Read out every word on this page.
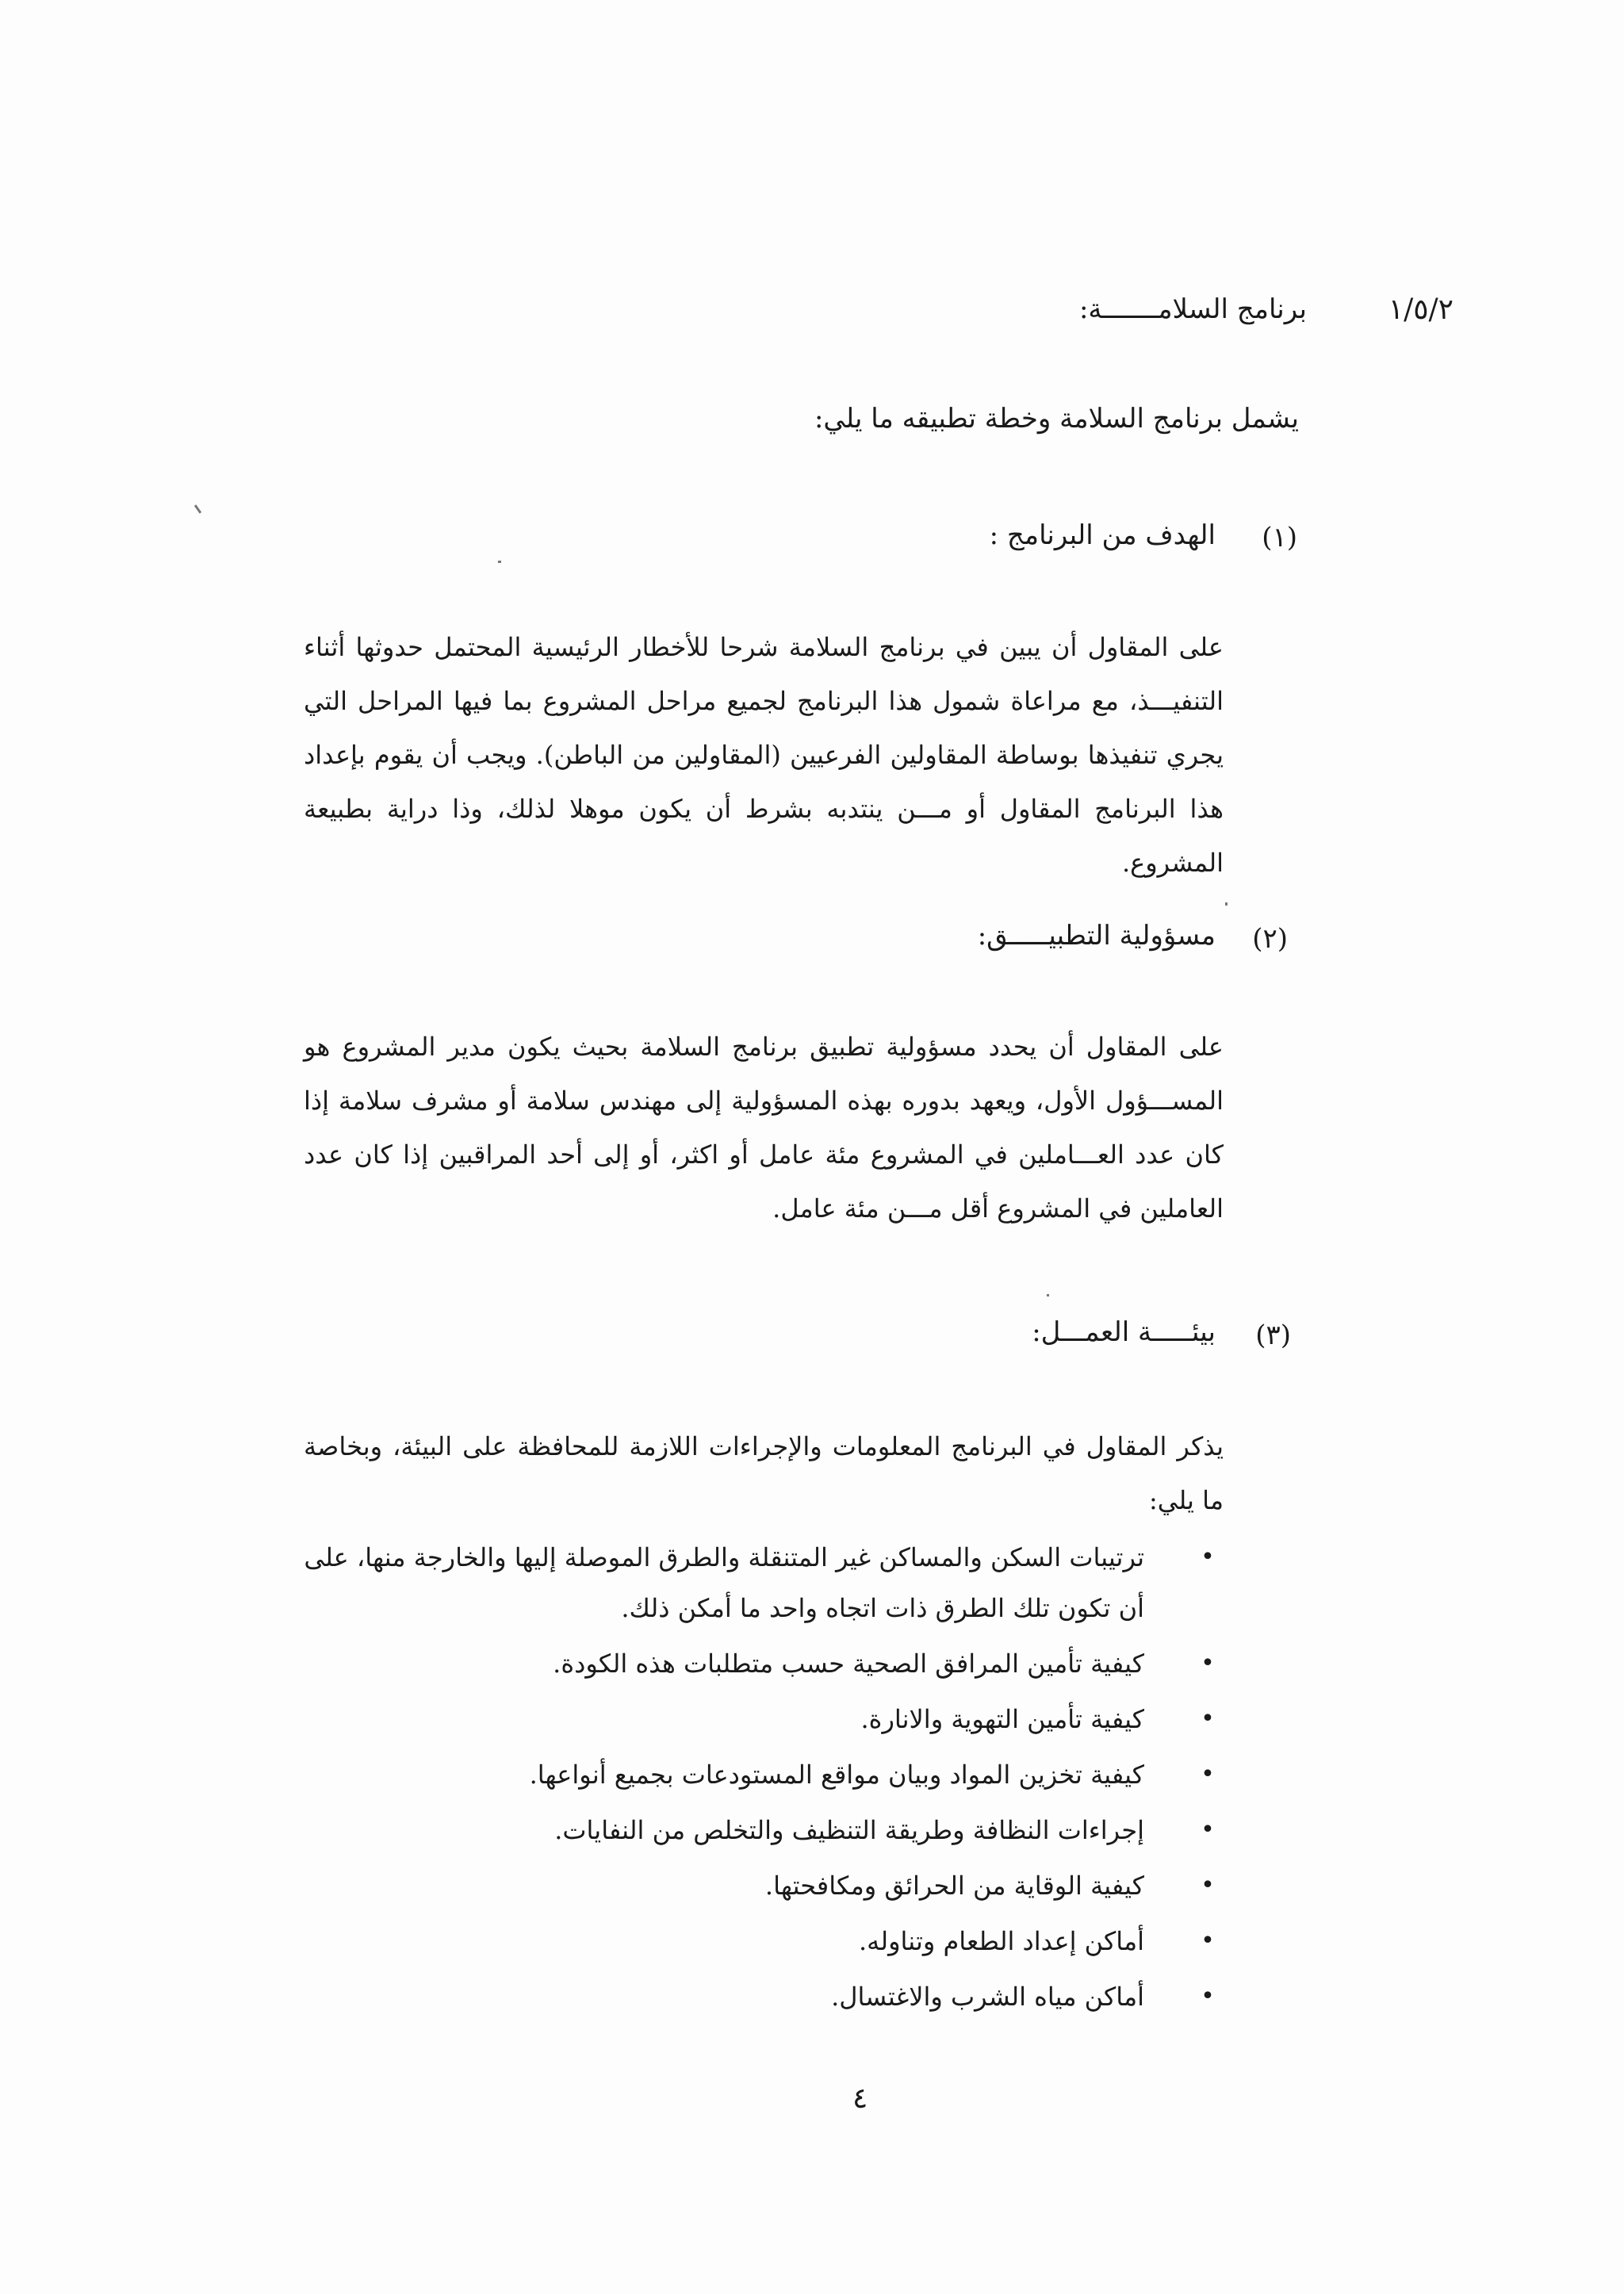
١/٥/٢
برنامج السلامـــــــة:
يشمل برنامج السلامة وخطة تطبيقه ما يلي:
(١)
الهدف من البرنامج :
على المقاول أن يبين في برنامج السلامة شرحا للأخطار الرئيسية المحتمل حدوثها أثناء التنفيـــذ، مع مراعاة شمول هذا البرنامج لجميع مراحل المشروع بما فيها المراحل التي يجري تنفيذها بوساطة المقاولين الفرعيين (المقاولين من الباطن). ويجب أن يقوم بإعداد هذا البرنامج المقاول أو مـــن ينتدبه بشرط أن يكون موهلا لذلك، وذا دراية بطبيعة المشروع.
(٢)
مسؤولية التطبيـــــق:
على المقاول أن يحدد مسؤولية تطبيق برنامج السلامة بحيث يكون مدير المشروع هو المســـؤول الأول، ويعهد بدوره بهذه المسؤولية إلى مهندس سلامة أو مشرف سلامة إذا كان عدد العـــاملين في المشروع مئة عامل أو اكثر، أو إلى أحد المراقبين إذا كان عدد العاملين في المشروع أقل مـــن مئة عامل.
(٣)
بيئـــــة العمـــل:
يذكر المقاول في البرنامج المعلومات والإجراءات اللازمة للمحافظة على البيئة، وبخاصة ما يلي:
•
ترتيبات السكن والمساكن غير المتنقلة والطرق الموصلة إليها والخارجة منها، على أن تكون تلك الطرق ذات اتجاه واحد ما أمكن ذلك.
•
كيفية تأمين المرافق الصحية حسب متطلبات هذه الكودة.
•
كيفية تأمين التهوية والانارة.
•
كيفية تخزين المواد وبيان مواقع المستودعات بجميع أنواعها.
•
إجراءات النظافة وطريقة التنظيف والتخلص من النفايات.
•
كيفية الوقاية من الحرائق ومكافحتها.
•
أماكن إعداد الطعام وتناوله.
•
أماكن مياه الشرب والاغتسال.
٤
